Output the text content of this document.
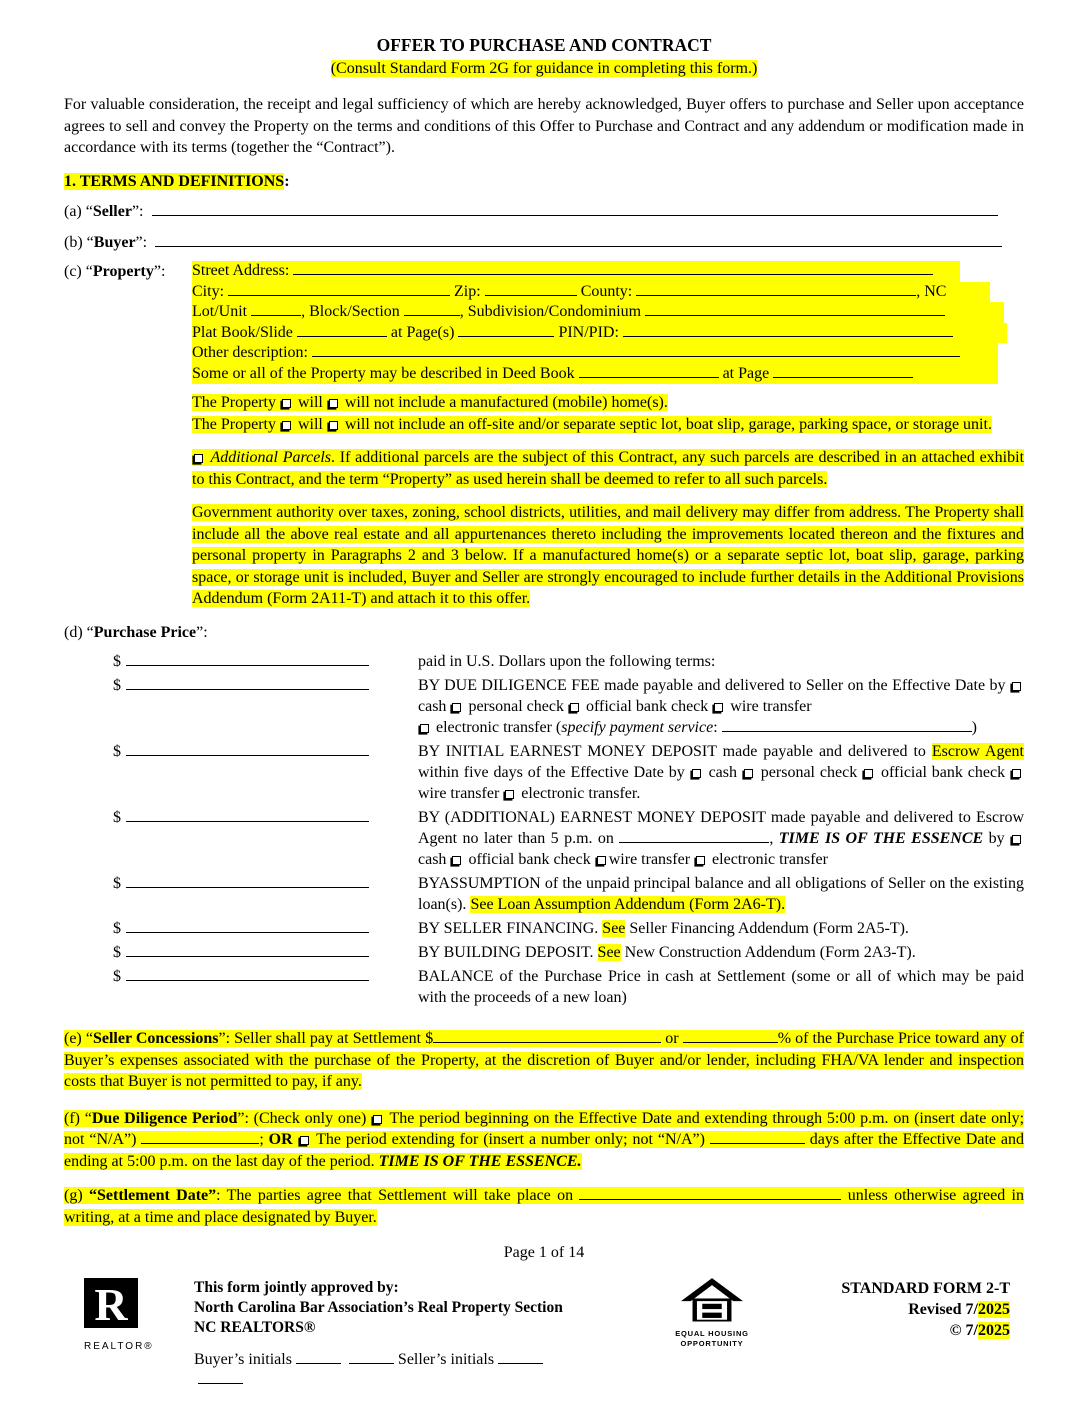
OFFER TO PURCHASE AND CONTRACT
(Consult Standard Form 2G for guidance in completing this form.)
For valuable consideration, the receipt and legal sufficiency of which are hereby acknowledged, Buyer offers to purchase and Seller upon acceptance agrees to sell and convey the Property on the terms and conditions of this Offer to Purchase and Contract and any addendum or modification made in accordance with its terms (together the “Contract”).
1. TERMS AND DEFINITIONS:
(a) “Seller”:
(b) “Buyer”:
(c) “Property”:	Street Address:
City:	Zip:	County:	, NC
Lot/Unit	, Block/Section	, Subdivision/Condominium
Plat Book/Slide	at Page(s)	PIN/PID:
Other description:
Some or all of the Property may be described in Deed Book	at Page
The Property  will  will not include a manufactured (mobile) home(s).
The Property  will  will not include an off-site and/or separate septic lot, boat slip, garage, parking space, or storage unit.
Additional Parcels. If additional parcels are the subject of this Contract, any such parcels are described in an attached exhibit to this Contract, and the term “Property” as used herein shall be deemed to refer to all such parcels.
Government authority over taxes, zoning, school districts, utilities, and mail delivery may differ from address. The Property shall include all the above real estate and all appurtenances thereto including the improvements located thereon and the fixtures and personal property in Paragraphs 2 and 3 below. If a manufactured home(s) or a separate septic lot, boat slip, garage, parking space, or storage unit is included, Buyer and Seller are strongly encouraged to include further details in the Additional Provisions Addendum (Form 2A11-T) and attach it to this offer.
(d) “Purchase Price”:
$	paid in U.S. Dollars upon the following terms:
$	BY DUE DILIGENCE FEE made payable and delivered to Seller on the Effective Date by  cash  personal check  official bank check  wire transfer
electronic transfer (specify payment service:	)
$	BY INITIAL EARNEST MONEY DEPOSIT made payable and delivered to Escrow Agent within five days of the Effective Date by  cash  personal check  official bank check  wire transfer  electronic transfer.
$	BY (ADDITIONAL) EARNEST MONEY DEPOSIT made payable and delivered to Escrow Agent no later than 5 p.m. on	, TIME IS OF THE ESSENCE by  cash  official bank check wire transfer  electronic transfer
$	BYASSUMPTION of the unpaid principal balance and all obligations of Seller on the existing loan(s). See Loan Assumption Addendum (Form 2A6-T).
$	BY SELLER FINANCING. See Seller Financing Addendum (Form 2A5-T).
$	BY BUILDING DEPOSIT. See New Construction Addendum (Form 2A3-T).
$	BALANCE of the Purchase Price in cash at Settlement (some or all of which may be paid with the proceeds of a new loan)
(e) “Seller Concessions”: Seller shall pay at Settlement $	or	% of the Purchase Price toward any of Buyer’s expenses associated with the purchase of the Property, at the discretion of Buyer and/or lender, including FHA/VA lender and inspection costs that Buyer is not permitted to pay, if any.
(f) “Due Diligence Period”: (Check only one)  The period beginning on the Effective Date and extending through 5:00 p.m. on (insert date only; not “N/A”)	; OR  The period extending for (insert a number only; not “N/A”)	days after the Effective Date and ending at 5:00 p.m. on the last day of the period. TIME IS OF THE ESSENCE.
(g) “Settlement Date”: The parties agree that Settlement will take place on	unless otherwise agreed in writing, at a time and place designated by Buyer.
Page 1 of 14
R
REALTOR®
This form jointly approved by:
North Carolina Bar Association’s Real Property Section
NC REALTORS®
Buyer’s initials	Seller’s initials
EQUAL HOUSING
OPPORTUNITY
STANDARD FORM 2-T
Revised 7/2025
© 7/2025
